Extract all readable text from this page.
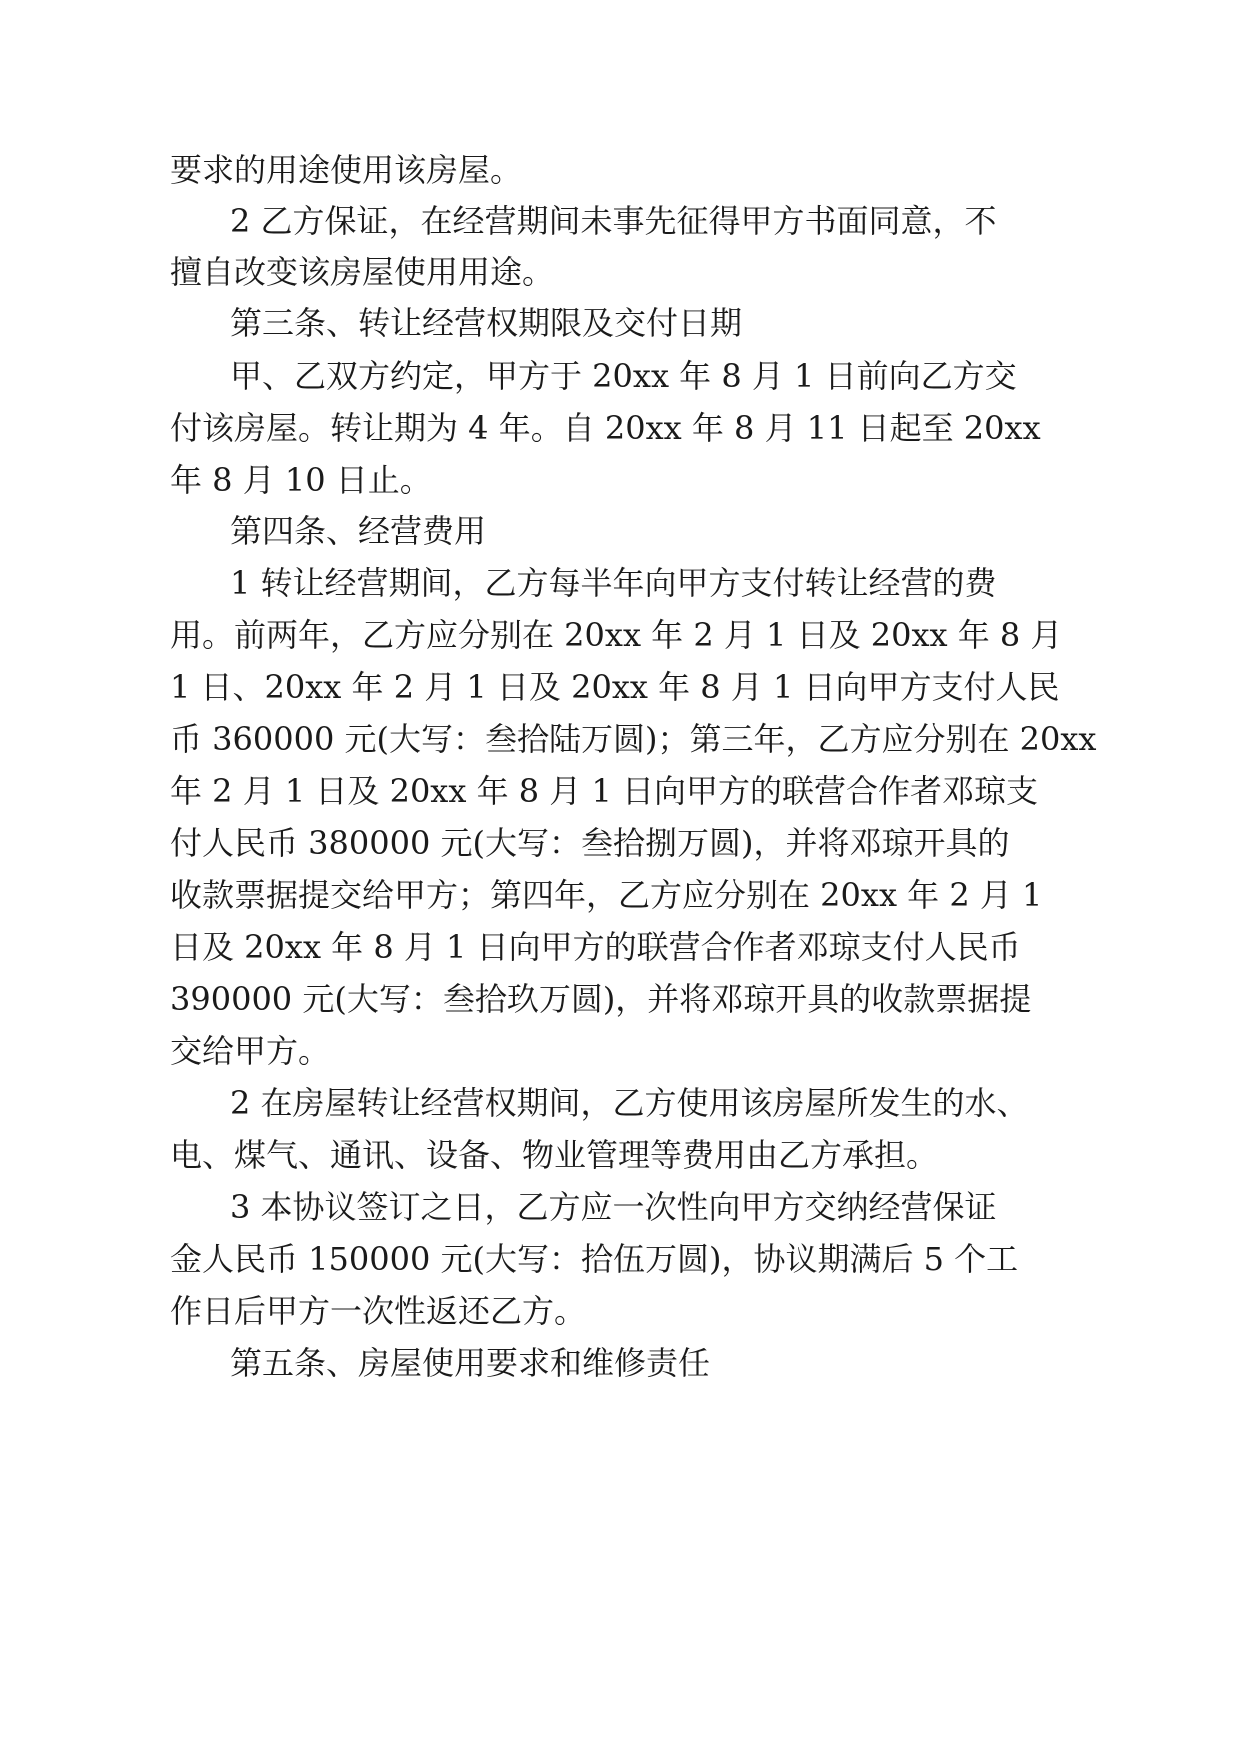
要求的用途使用该房屋。
2 乙方保证，在经营期间未事先征得甲方书面同意，不
擅自改变该房屋使用用途。
第三条、转让经营权期限及交付日期
甲、乙双方约定，甲方于 20xx 年 8 月 1 日前向乙方交
付该房屋。转让期为 4 年。自 20xx 年 8 月 11 日起至 20xx
年 8 月 10 日止。
第四条、经营费用
1 转让经营期间，乙方每半年向甲方支付转让经营的费
用。前两年，乙方应分别在 20xx 年 2 月 1 日及 20xx 年 8 月
1 日、20xx 年 2 月 1 日及 20xx 年 8 月 1 日向甲方支付人民
币 360000 元(大写：叁拾陆万圆)；第三年，乙方应分别在 20xx
年 2 月 1 日及 20xx 年 8 月 1 日向甲方的联营合作者邓琼支
付人民币 380000 元(大写：叁拾捌万圆)，并将邓琼开具的
收款票据提交给甲方；第四年，乙方应分别在 20xx 年 2 月 1
日及 20xx 年 8 月 1 日向甲方的联营合作者邓琼支付人民币
390000 元(大写：叁拾玖万圆)，并将邓琼开具的收款票据提
交给甲方。
2 在房屋转让经营权期间，乙方使用该房屋所发生的水、
电、煤气、通讯、设备、物业管理等费用由乙方承担。
3 本协议签订之日，乙方应一次性向甲方交纳经营保证
金人民币 150000 元(大写：拾伍万圆)，协议期满后 5 个工
作日后甲方一次性返还乙方。
第五条、房屋使用要求和维修责任
